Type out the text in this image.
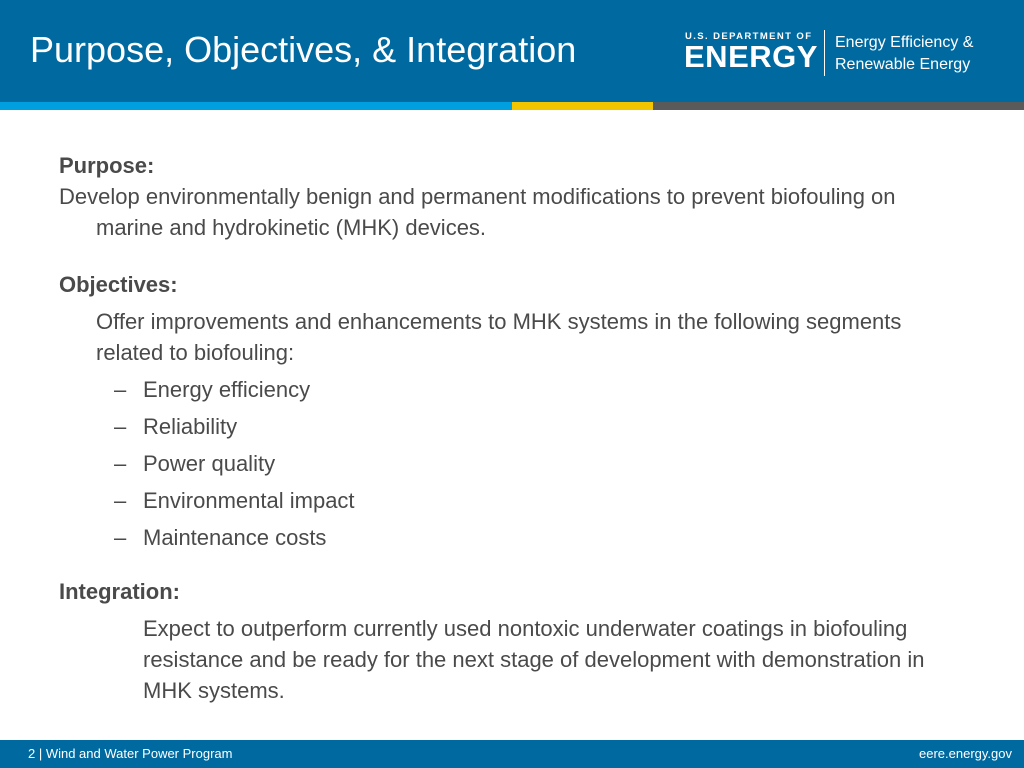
Purpose, Objectives, & Integration	U.S. DEPARTMENT OF
ENERGY Energy Efficiency &
Renewable Energy
Purpose:
Develop environmentally benign and permanent modifications to prevent biofouling on marine and hydrokinetic (MHK) devices.
Objectives:
Offer improvements and enhancements to MHK systems in the following segments related to biofouling:
– Energy efficiency
– Reliability
– Power quality
– Environmental impact
– Maintenance costs
Integration:
Expect to outperform currently used nontoxic underwater coatings in biofouling resistance and be ready for the next stage of development with demonstration in MHK systems.
2 | Wind and Water Power Program	eere.energy.gov
